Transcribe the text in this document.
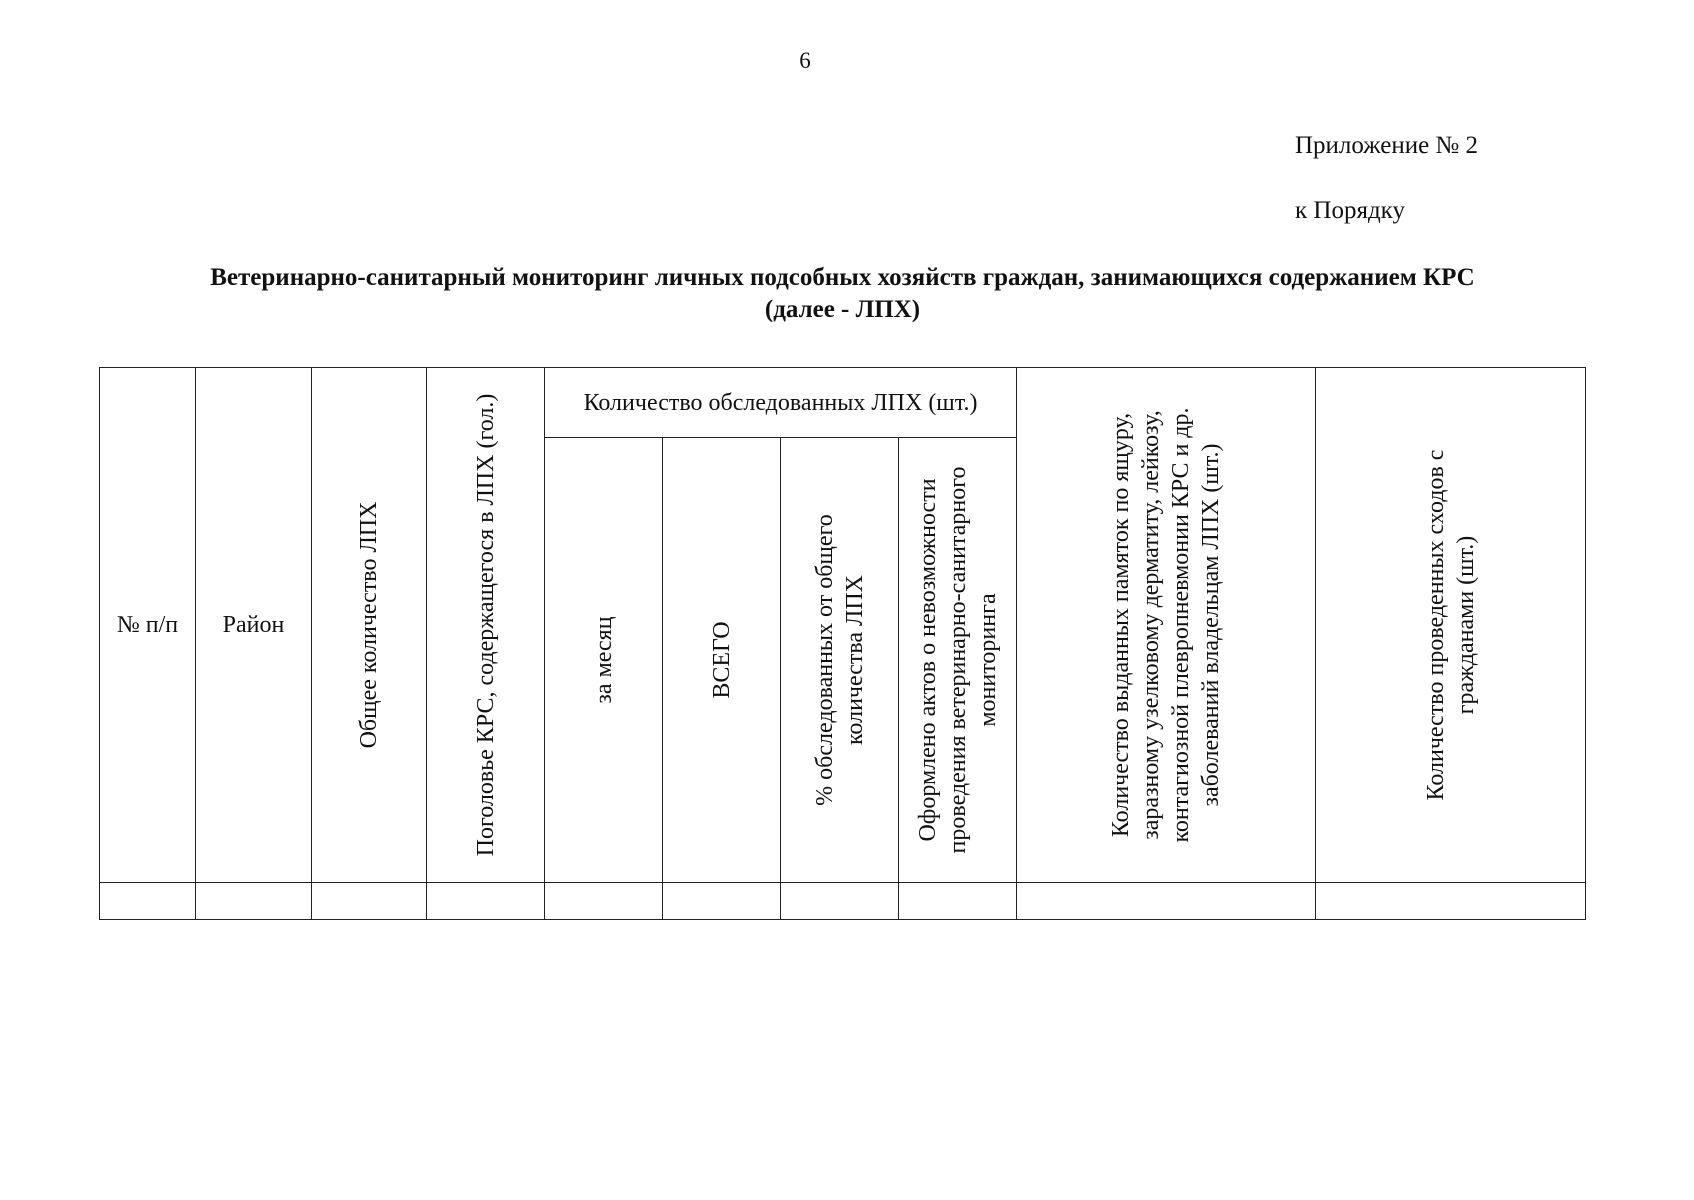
6
Приложение № 2
к Порядку
Ветеринарно-санитарный мониторинг личных подсобных хозяйств граждан, занимающихся содержанием КРС
(далее - ЛПХ)
№ п/п	Район	Общее количество ЛПХ	Поголовье КРС, содержащегося в ЛПХ (гол.)	Количество обследованных ЛПХ (шт.)				Количество выданных памяток по ящуру, заразному узелковому дерматиту, лейкозу, контагиозной плевропневмонии КРС и др. заболеваний владельцам ЛПХ (шт.)	Количество проведенных сходов с гражданами (шт.)

				за месяц	ВСЕГО	% обследованных от общего количества ЛПХ	Оформлено актов о невозможности проведения ветеринарно-санитарного мониторинга		
